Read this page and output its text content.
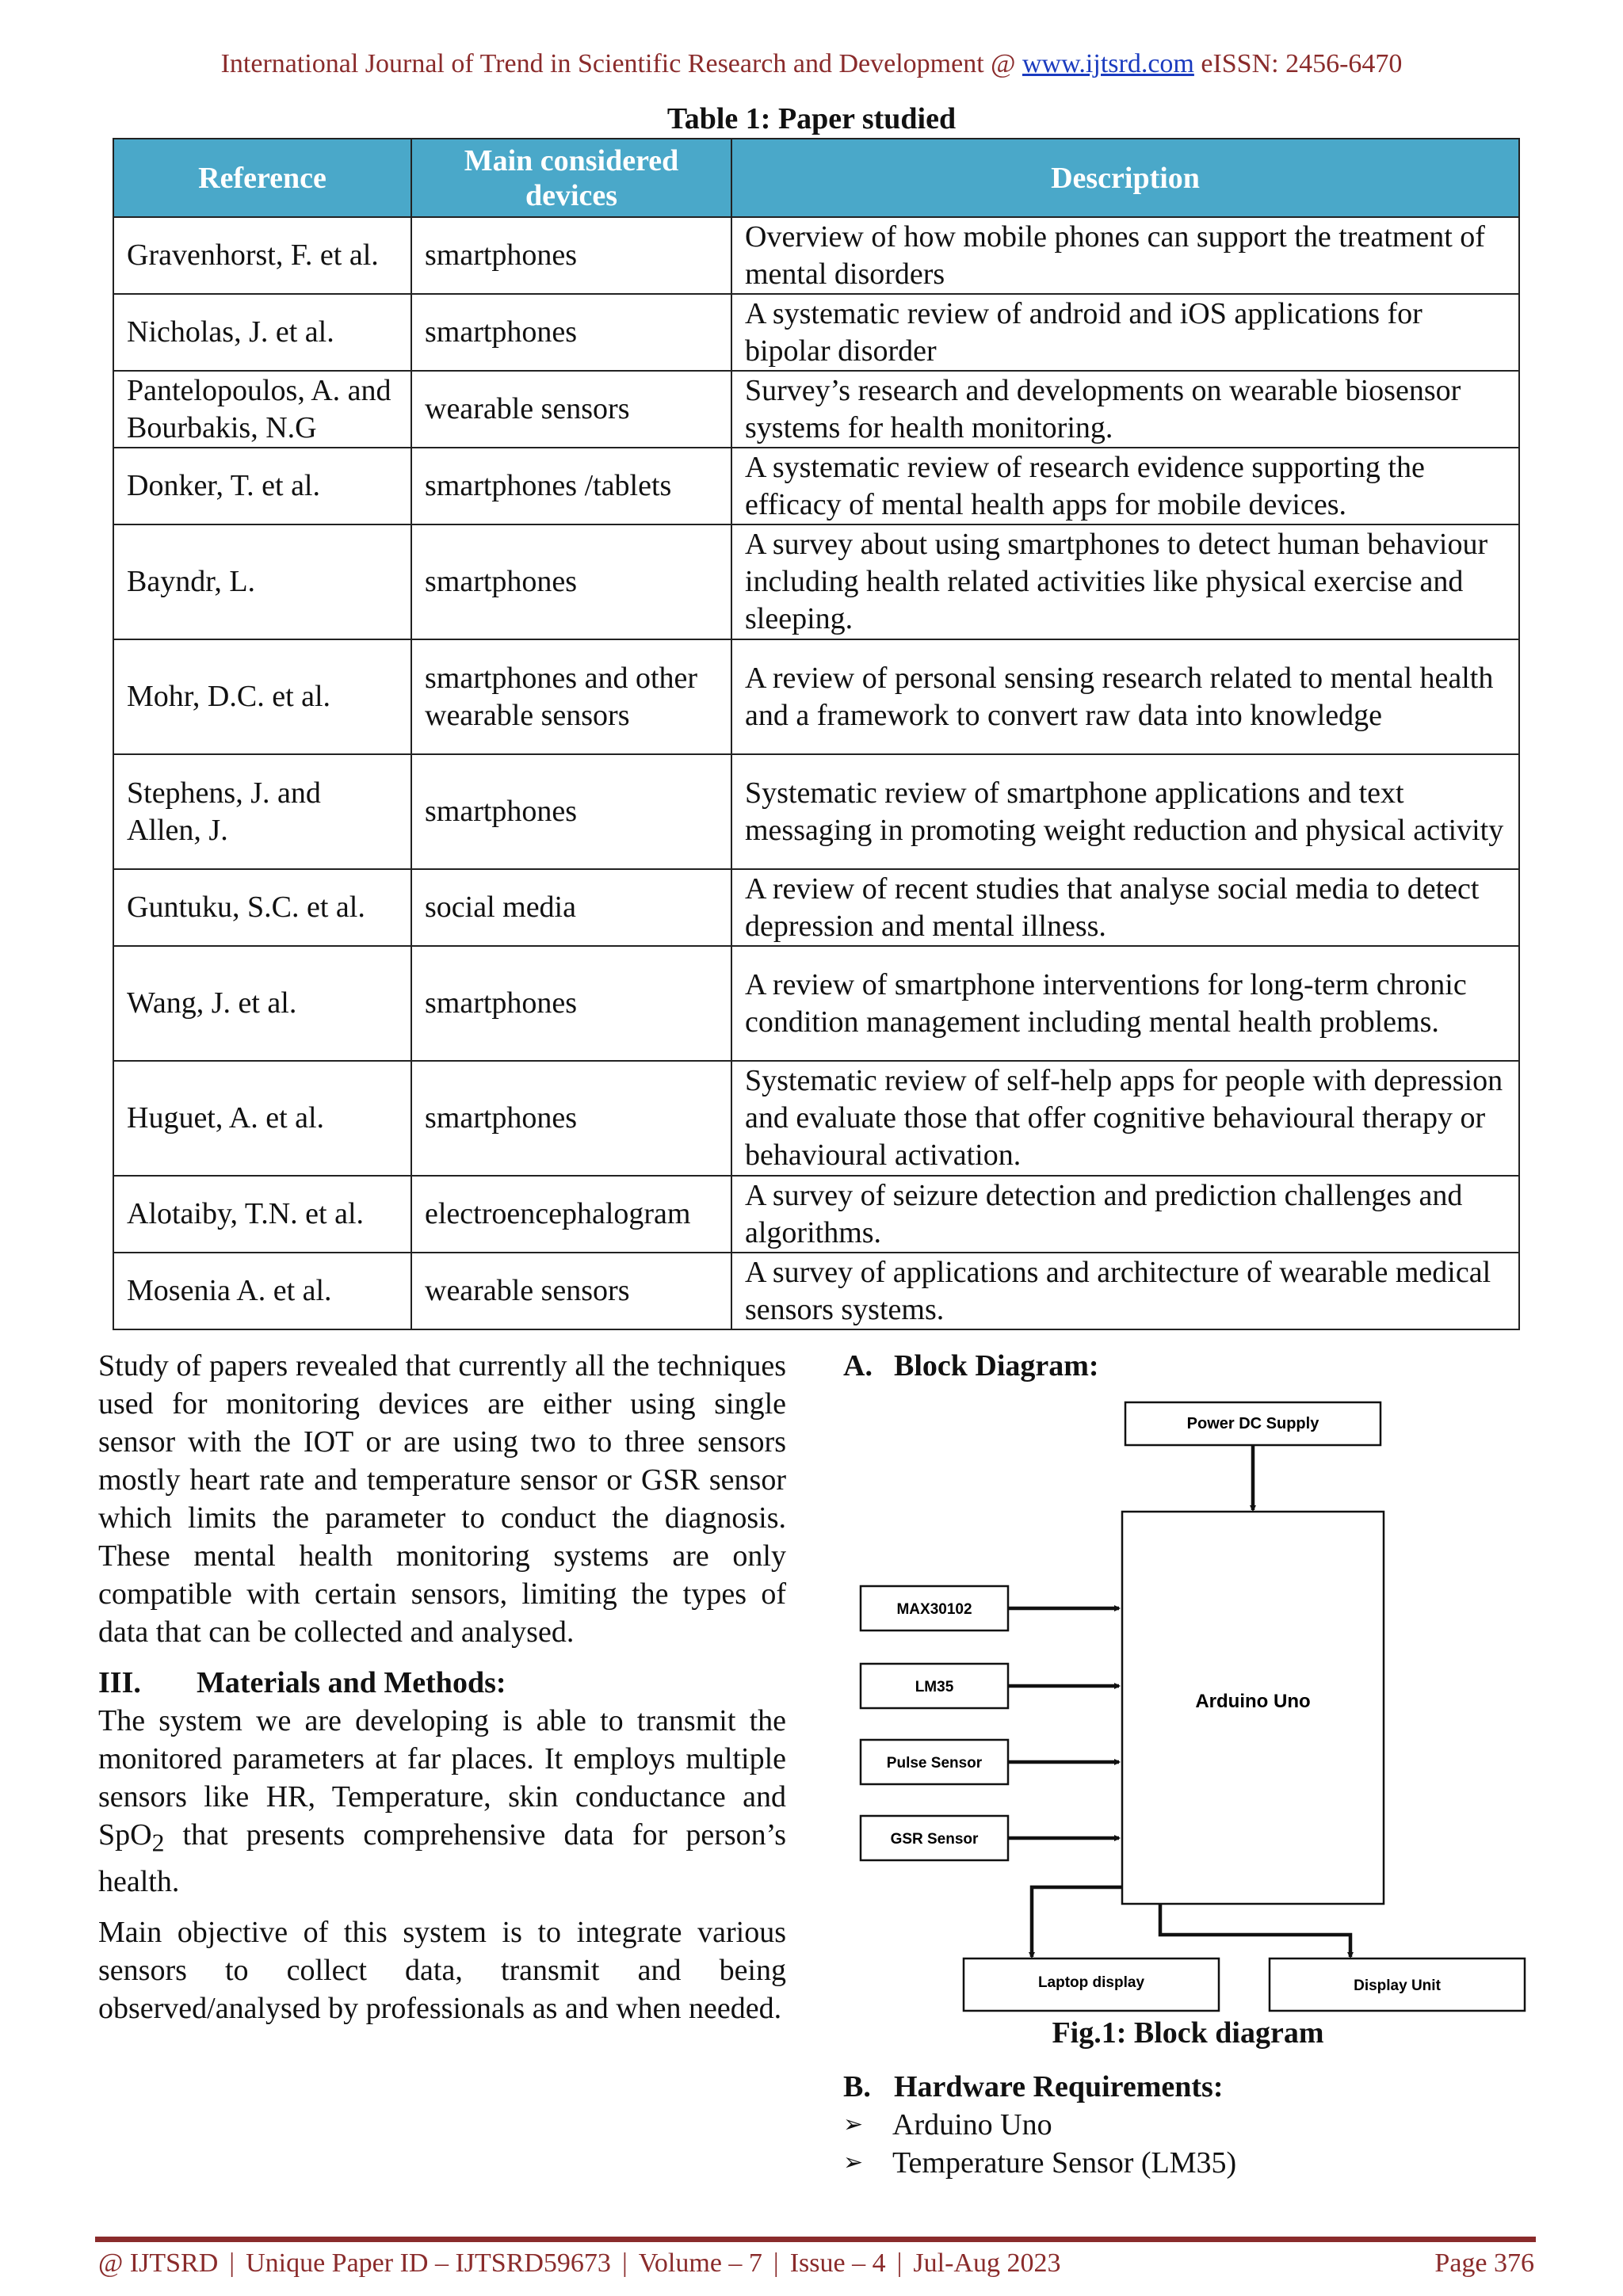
International Journal of Trend in Scientific Research and Development @ www.ijtsrd.com eISSN: 2456-6470
Table 1: Paper studied
Reference	Main considered devices	Description
Gravenhorst, F. et al.	smartphones	Overview of how mobile phones can support the treatment of mental disorders
Nicholas, J. et al.	smartphones	A systematic review of android and iOS applications for bipolar disorder
Pantelopoulos, A. and Bourbakis, N.G	wearable sensors	Survey’s research and developments on wearable biosensor systems for health monitoring.
Donker, T. et al.	smartphones /tablets	A systematic review of research evidence supporting the efficacy of mental health apps for mobile devices.
Bayndr, L.	smartphones	A survey about using smartphones to detect human behaviour including health related activities like physical exercise and sleeping.
Mohr, D.C. et al.	smartphones and other wearable sensors	A review of personal sensing research related to mental health and a framework to convert raw data into knowledge
Stephens, J. and Allen, J.	smartphones	Systematic review of smartphone applications and text messaging in promoting weight reduction and physical activity
Guntuku, S.C. et al.	social media	A review of recent studies that analyse social media to detect depression and mental illness.
Wang, J. et al.	smartphones	A review of smartphone interventions for long-term chronic condition management including mental health problems.
Huguet, A. et al.	smartphones	Systematic review of self-help apps for people with depression and evaluate those that offer cognitive behavioural therapy or behavioural activation.
Alotaiby, T.N. et al.	electroencephalogram	A survey of seizure detection and prediction challenges and algorithms.
Mosenia A. et al.	wearable sensors	A survey of applications and architecture of wearable medical sensors systems.

Study of papers revealed that currently all the techniques used for monitoring devices are either using single sensor with the IOT or are using two to three sensors mostly heart rate and temperature sensor or GSR sensor which limits the parameter to conduct the diagnosis. These mental health monitoring systems are only compatible with certain sensors, limiting the types of data that can be collected and analysed.

III. Materials and Methods:

The system we are developing is able to transmit the monitored parameters at far places. It employs multiple sensors like HR, Temperature, skin conductance and SpO$_2$ that presents comprehensive data for person’s health.

Main objective of this system is to integrate various sensors to collect data, transmit and being observed/analysed by professionals as and when needed.

A. Block Diagram:
Power DC Supply
Arduino Uno
MAX30102
LM35
Pulse Sensor
GSR Sensor
Laptop display	Display Unit
Fig.1: Block diagram
B. Hardware Requirements:
➢ Arduino Uno
➢ Temperature Sensor (LM35)
@ IJTSRD | Unique Paper ID – IJTSRD59673 | Volume – 7 | Issue – 4 | Jul-Aug 2023	Page 376
